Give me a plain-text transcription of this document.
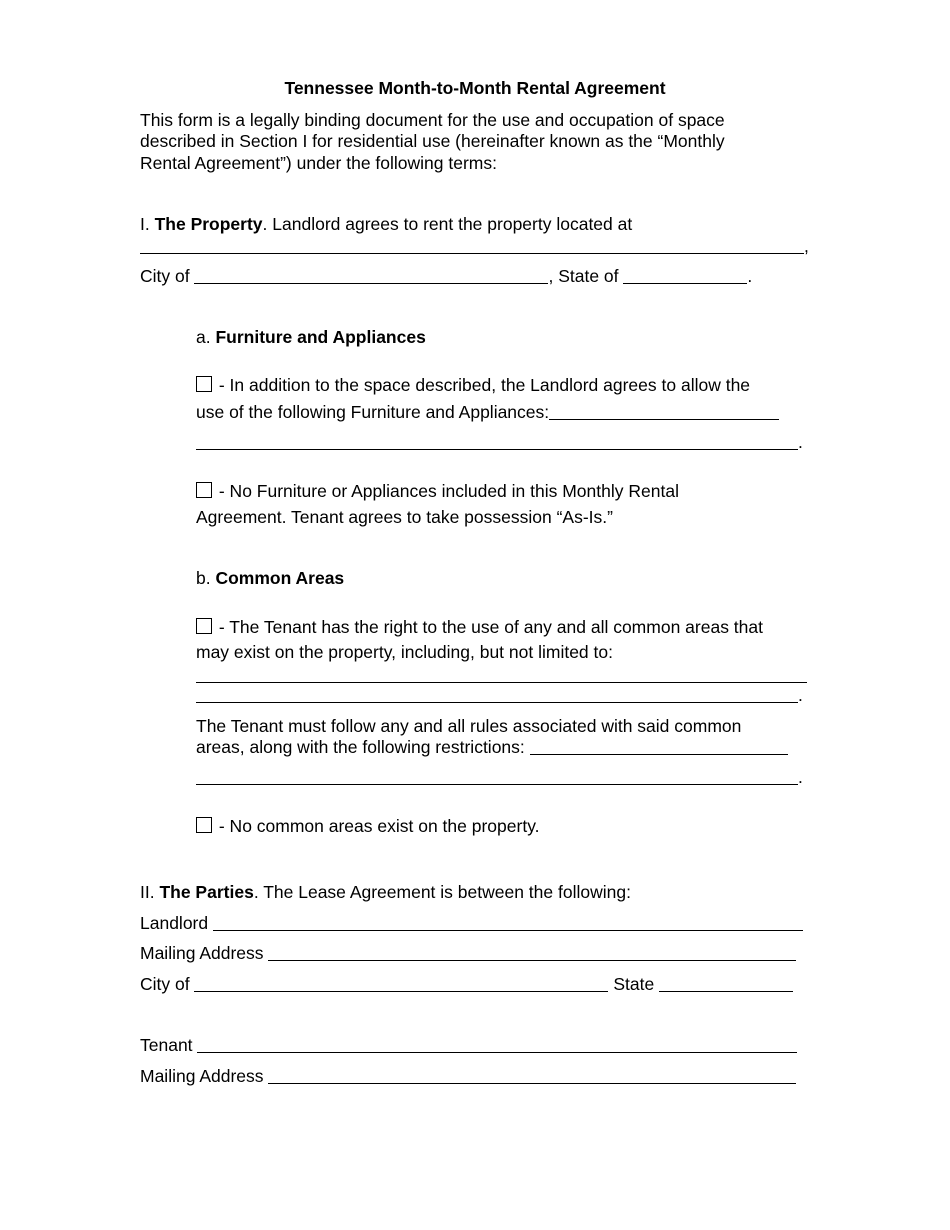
Tennessee Month-to-Month Rental Agreement
This form is a legally binding document for the use and occupation of space
described in Section I for residential use (hereinafter known as the “Monthly
Rental Agreement”) under the following terms:
I. The Property. Landlord agrees to rent the property located at
,
City of	, State of	.
a. Furniture and Appliances
- In addition to the space described, the Landlord agrees to allow the
use of the following Furniture and Appliances:
.
- No Furniture or Appliances included in this Monthly Rental
Agreement. Tenant agrees to take possession “As-Is.”
b. Common Areas
- The Tenant has the right to the use of any and all common areas that
may exist on the property, including, but not limited to:
.
The Tenant must follow any and all rules associated with said common
areas, along with the following restrictions:
.
- No common areas exist on the property.
II. The Parties. The Lease Agreement is between the following:
Landlord
Mailing Address
City of	State
Tenant
Mailing Address
